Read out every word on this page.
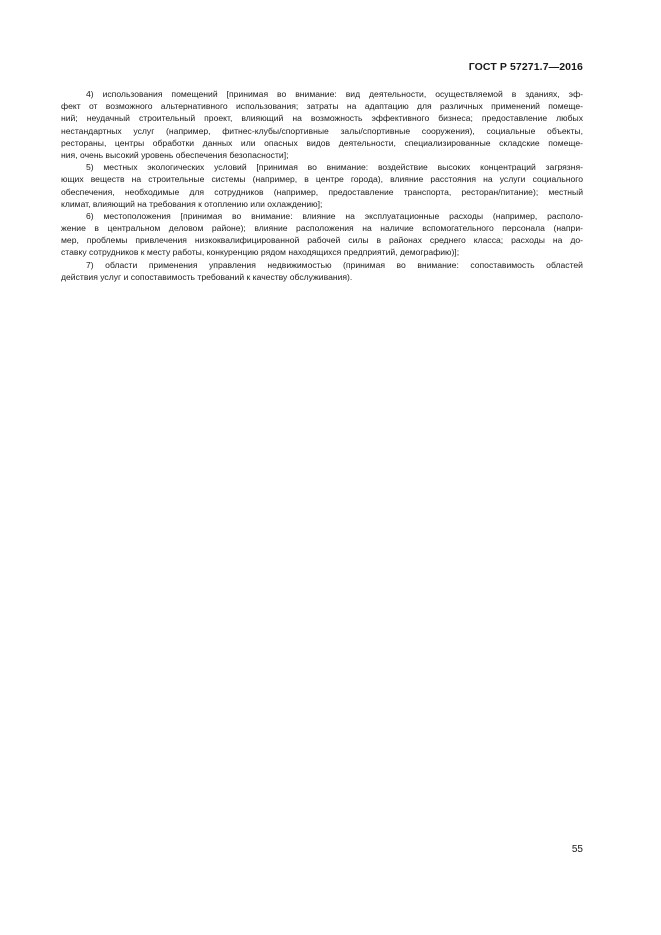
ГОСТ Р 57271.7—2016
4) использования помещений [принимая во внимание: вид деятельности, осуществляемой в зданиях, эф-
фект от возможного альтернативного использования; затраты на адаптацию для различных применений помеще-
ний; неудачный строительный проект, влияющий на возможность эффективного бизнеса; предоставление любых
нестандартных услуг (например, фитнес-клубы/спортивные залы/спортивные сооружения), социальные объекты,
рестораны, центры обработки данных или опасных видов деятельности, специализированные складские помеще-
ния, очень высокий уровень обеспечения безопасности];
5) местных экологических условий [принимая во внимание: воздействие высоких концентраций загрязня-
ющих веществ на строительные системы (например, в центре города), влияние расстояния на услуги социального
обеспечения, необходимые для сотрудников (например, предоставление транспорта, ресторан/питание); местный
климат, влияющий на требования к отоплению или охлаждению];
6) местоположения [принимая во внимание: влияние на эксплуатационные расходы (например, располо-
жение в центральном деловом районе); влияние расположения на наличие вспомогательного персонала (напри-
мер, проблемы привлечения низкоквалифицированной рабочей силы в районах среднего класса; расходы на до-
ставку сотрудников к месту работы, конкуренцию рядом находящихся предприятий, демографию)];
7) области применения управления недвижимостью (принимая во внимание: сопоставимость областей
действия услуг и сопоставимость требований к качеству обслуживания).
55
